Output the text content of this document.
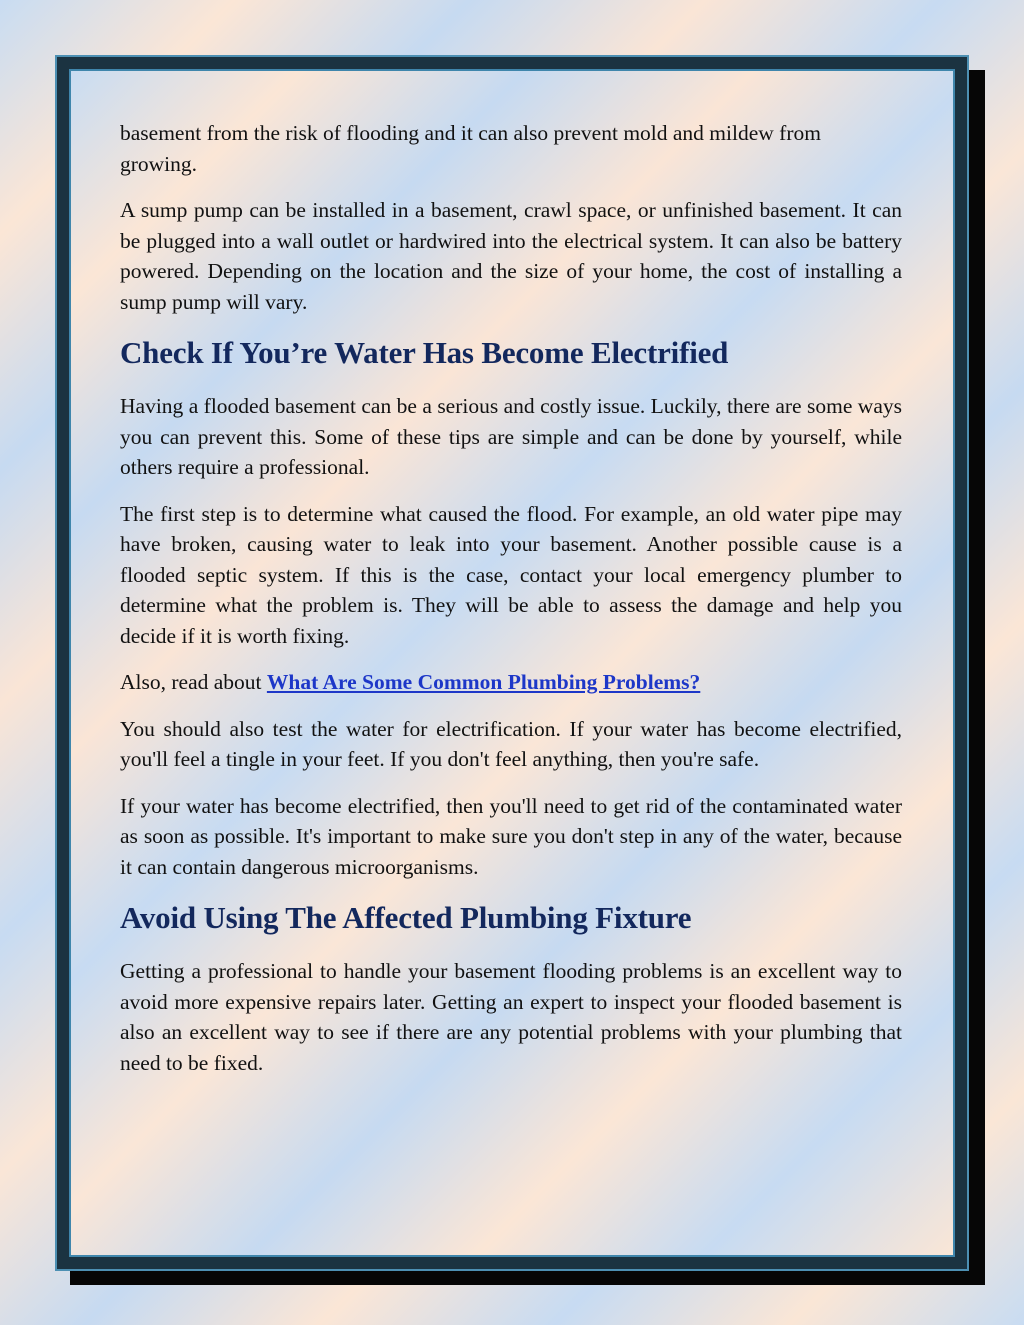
basement from the risk of flooding and it can also prevent mold and mildew from growing.

A sump pump can be installed in a basement, crawl space, or unfinished basement. It can be plugged into a wall outlet or hardwired into the electrical system. It can also be battery powered. Depending on the location and the size of your home, the cost of installing a sump pump will vary.

Check If You’re Water Has Become Electrified

Having a flooded basement can be a serious and costly issue. Luckily, there are some ways you can prevent this. Some of these tips are simple and can be done by yourself, while others require a professional.

The first step is to determine what caused the flood. For example, an old water pipe may have broken, causing water to leak into your basement. Another possible cause is a flooded septic system. If this is the case, contact your local emergency plumber to determine what the problem is. They will be able to assess the damage and help you decide if it is worth fixing.

Also, read about What Are Some Common Plumbing Problems?

You should also test the water for electrification. If your water has become electrified, you'll feel a tingle in your feet. If you don't feel anything, then you're safe.

If your water has become electrified, then you'll need to get rid of the contaminated water as soon as possible. It's important to make sure you don't step in any of the water, because it can contain dangerous microorganisms.

Avoid Using The Affected Plumbing Fixture

Getting a professional to handle your basement flooding problems is an excellent way to avoid more expensive repairs later. Getting an expert to inspect your flooded basement is also an excellent way to see if there are any potential problems with your plumbing that need to be fixed.
